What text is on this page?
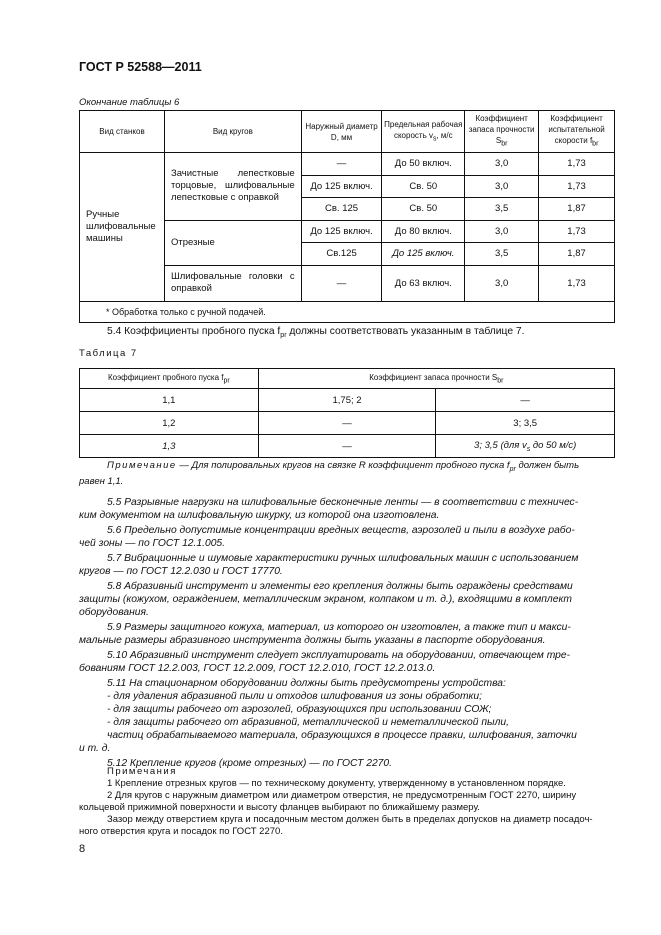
ГОСТ Р 52588—2011
Окончание таблицы 6
Вид станков	Вид кругов	Наружный диаметр D, мм	Предельная рабочая скорость $v_s$, м/с	Коэффициент запаса прочности $S_{br}$	Коэффициент испытательной скорости $f_{br}$
Ручные шлифовальные машины	Зачистные лепестковые торцовые, шлифовальные лепестковые с оправкой	—	До 50 включ.	3,0	1,73
		До 125 включ.	Св. 50	3,0	1,73
		Св. 125	Св. 50	3,5	1,87
	Отрезные	До 125 включ.	До 80 включ.	3,0	1,73
		Св.125	До 125 включ.	3,5	1,87
	Шлифовальные головки с оправкой	—	До 63 включ.	3,0	1,73
* Обработка только с ручной подачей.					
5.4 Коэффициенты пробного пуска $f_{pr}$ должны соответствовать указанным в таблице 7.
Таблица 7
Коэффициент пробного пуска $f_{pr}$	Коэффициент запаса прочности $S_{br}$
1,1	1,75; 2	—
1,2	—	3; 3,5
1,3	—	3; 3,5 (для $v_s$ до 50 м/с)
Примечание — Для полировальных кругов на связке R коэффициент пробного пуска $f_{pr}$ должен быть
равен 1,1.
5.5 Разрывные нагрузки на шлифовальные бесконечные ленты — в соответствии с техничес-
ким документом на шлифовальную шкурку, из которой она изготовлена.
5.6 Предельно допустимые концентрации вредных веществ, аэрозолей и пыли в воздухе рабо-
чей зоны — по ГОСТ 12.1.005.
5.7 Вибрационные и шумовые характеристики ручных шлифовальных машин с использованием
кругов — по ГОСТ 12.2.030 и ГОСТ 17770.
5.8 Абразивный инструмент и элементы его крепления должны быть ограждены средствами
защиты (кожухом, ограждением, металлическим экраном, колпаком и т. д.), входящими в комплект
оборудования.
5.9 Размеры защитного кожуха, материал, из которого он изготовлен, а также тип и макси-
мальные размеры абразивного инструмента должны быть указаны в паспорте оборудования.
5.10 Абразивный инструмент следует эксплуатировать на оборудовании, отвечающем тре-
бованиям ГОСТ 12.2.003, ГОСТ 12.2.009, ГОСТ 12.2.010, ГОСТ 12.2.013.0.
5.11 На стационарном оборудовании должны быть предусмотрены устройства:
- для удаления абразивной пыли и отходов шлифования из зоны обработки;
- для защиты рабочего от аэрозолей, образующихся при использовании СОЖ;
- для защиты рабочего от абразивной, металлической и неметаллической пыли,
частиц обрабатываемого материала, образующихся в процессе правки, шлифования, заточки
и т. д.
5.12 Крепление кругов (кроме отрезных) — по ГОСТ 2270.
Примечания
1 Крепление отрезных кругов — по техническому документу, утвержденному в установленном порядке.
2 Для кругов с наружным диаметром или диаметром отверстия, не предусмотренным ГОСТ 2270, ширину
кольцевой прижимной поверхности и высоту фланцев выбирают по ближайшему размеру.
Зазор между отверстием круга и посадочным местом должен быть в пределах допусков на диаметр посадоч-
ного отверстия круга и посадок по ГОСТ 2270.
8
